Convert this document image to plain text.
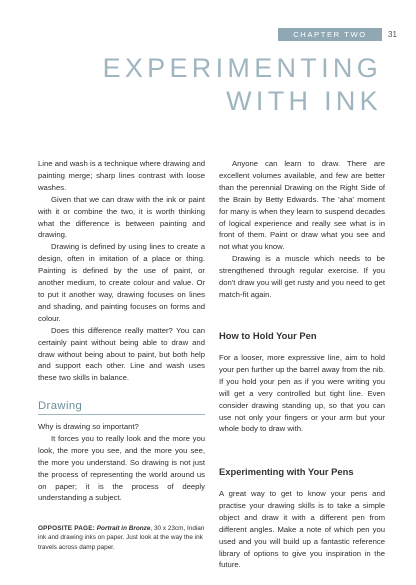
CHAPTER TWO	31
EXPERIMENTING
WITH INK

Line and wash is a technique where drawing and painting merge; sharp lines contrast with loose washes.

Given that we can draw with the ink or paint with it or combine the two, it is worth thinking what the difference is between painting and drawing.

Drawing is defined by using lines to create a design, often in imitation of a place or thing. Painting is defined by the use of paint, or another medium, to create colour and value. Or to put it another way, drawing focuses on lines and shading, and painting focuses on forms and colour.

Does this difference really matter? You can certainly paint without being able to draw and draw without being about to paint, but both help and support each other. Line and wash uses these two skills in balance.

Drawing

Why is drawing so important?

It forces you to really look and the more you look, the more you see, and the more you see, the more you understand. So drawing is not just the process of representing the world around us on paper; it is the process of deeply understanding a subject.

OPPOSITE PAGE: Portrait in Bronze, 30 x 23cm, Indian ink and drawing inks on paper. Just look at the way the ink travels across damp paper.

Anyone can learn to draw. There are excellent volumes available, and few are better than the perennial Drawing on the Right Side of the Brain by Betty Edwards. The 'aha' moment for many is when they learn to suspend decades of logical experience and really see what is in front of them. Paint or draw what you see and not what you know.

Drawing is a muscle which needs to be strengthened through regular exercise. If you don't draw you will get rusty and you need to get match-fit again.

How to Hold Your Pen

For a looser, more expressive line, aim to hold your pen further up the barrel away from the nib. If you hold your pen as if you were writing you will get a very controlled but tight line. Even consider drawing standing up, so that you can use not only your fingers or your arm but your whole body to draw with.

Experimenting with Your Pens

A great way to get to know your pens and practise your drawing skills is to take a simple object and draw it with a different pen from different angles. Make a note of which pen you used and you will build up a fantastic reference library of options to give you inspiration in the future.
